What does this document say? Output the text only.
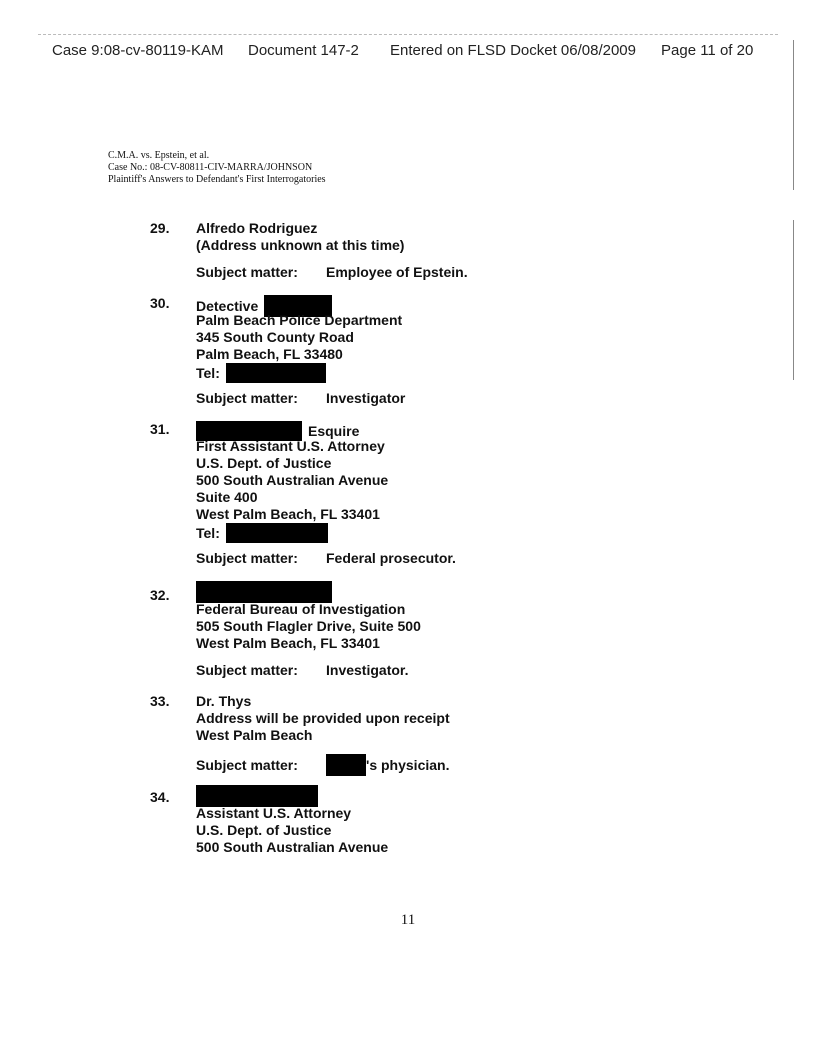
Case 9:08-cv-80119-KAM Document 147-2 Entered on FLSD Docket 06/08/2009 Page 11 of 20
C.M.A. vs. Epstein, et al.
Case No.: 08-CV-80811-CIV-MARRA/JOHNSON
Plaintiff's Answers to Defendant's First Interrogatories
29. Alfredo Rodriguez
(Address unknown at this time)
Subject matter: Employee of Epstein.
30. Detective
Palm Beach Police Department
345 South County Road
Palm Beach, FL 33480
Tel:
Subject matter: Investigator
31.	Esquire
First Assistant U.S. Attorney
U.S. Dept. of Justice
500 South Australian Avenue
Suite 400
West Palm Beach, FL 33401
Tel:
Subject matter: Federal prosecutor.
32.
Federal Bureau of Investigation
505 South Flagler Drive, Suite 500
West Palm Beach, FL 33401
Subject matter: Investigator.
33. Dr. Thys
Address will be provided upon receipt
West Palm Beach
Subject matter:	's physician.
34.
Assistant U.S. Attorney
U.S. Dept. of Justice
500 South Australian Avenue
11
